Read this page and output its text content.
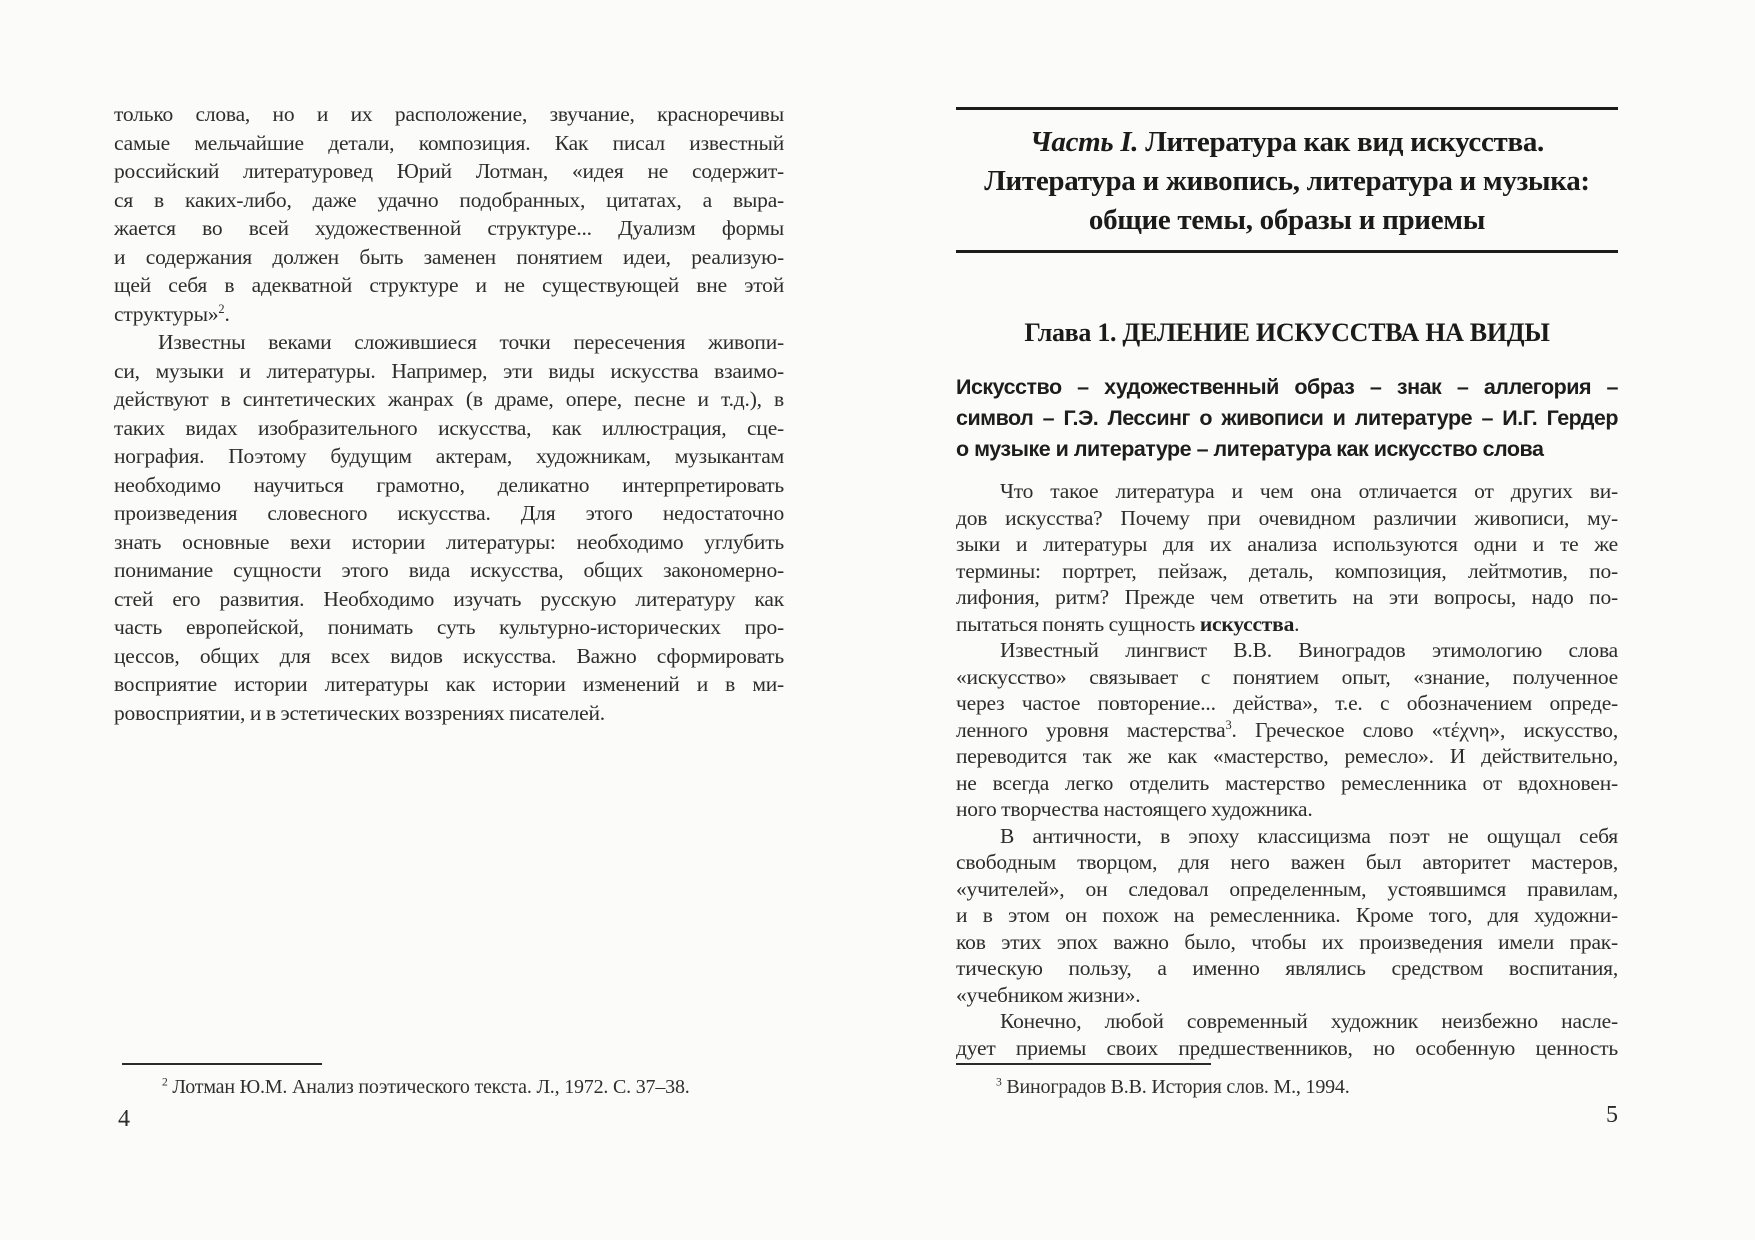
только слова, но и их расположение, звучание, красноречивы
самые мельчайшие детали, композиция. Как писал известный
российский литературовед Юрий Лотман, «идея не содержит-
ся в каких-либо, даже удачно подобранных, цитатах, а выра-
жается во всей художественной структуре... Дуализм формы
и содержания должен быть заменен понятием идеи, реализую-
щей себя в адекватной структуре и не существующей вне этой
структуры»$^2$.
Известны веками сложившиеся точки пересечения живопи-
си, музыки и литературы. Например, эти виды искусства взаимо-
действуют в синтетических жанрах (в драме, опере, песне и т.д.), в
таких видах изобразительного искусства, как иллюстрация, сце-
нография. Поэтому будущим актерам, художникам, музыкантам
необходимо научиться грамотно, деликатно интерпретировать
произведения словесного искусства. Для этого недостаточно
знать основные вехи истории литературы: необходимо углубить
понимание сущности этого вида искусства, общих закономерно-
стей его развития. Необходимо изучать русскую литературу как
часть европейской, понимать суть культурно-исторических про-
цессов, общих для всех видов искусства. Важно сформировать
восприятие истории литературы как истории изменений и в ми-
ровосприятии, и в эстетических воззрениях писателей.
$^2$ Лотман Ю.М. Анализ поэтического текста. Л., 1972. С. 37–38.
4
Часть I. Литература как вид искусства.
Литература и живопись, литература и музыка:
общие темы, образы и приемы
Глава 1. ДЕЛЕНИЕ ИСКУССТВА НА ВИДЫ
Искусство – художественный образ – знак – аллегория –
символ – Г.Э. Лессинг о живописи и литературе – И.Г. Гердер
о музыке и литературе – литература как искусство слова
Что такое литература и чем она отличается от других ви-
дов искусства? Почему при очевидном различии живописи, му-
зыки и литературы для их анализа используются одни и те же
термины: портрет, пейзаж, деталь, композиция, лейтмотив, по-
лифония, ритм? Прежде чем ответить на эти вопросы, надо по-
пытаться понять сущность искусства.
Известный лингвист В.В. Виноградов этимологию слова
«искусство» связывает с понятием опыт, «знание, полученное
через частое повторение... действа», т.е. с обозначением опреде-
ленного уровня мастерства$^3$. Греческое слово «τέχνη», искусство,
переводится так же как «мастерство, ремесло». И действительно,
не всегда легко отделить мастерство ремесленника от вдохновен-
ного творчества настоящего художника.
В античности, в эпоху классицизма поэт не ощущал себя
свободным творцом, для него важен был авторитет мастеров,
«учителей», он следовал определенным, устоявшимся правилам,
и в этом он похож на ремесленника. Кроме того, для художни-
ков этих эпох важно было, чтобы их произведения имели прак-
тическую пользу, а именно являлись средством воспитания,
«учебником жизни».
Конечно, любой современный художник неизбежно насле-
дует приемы своих предшественников, но особенную ценность
$^3$ Виноградов В.В. История слов. М., 1994.
5
